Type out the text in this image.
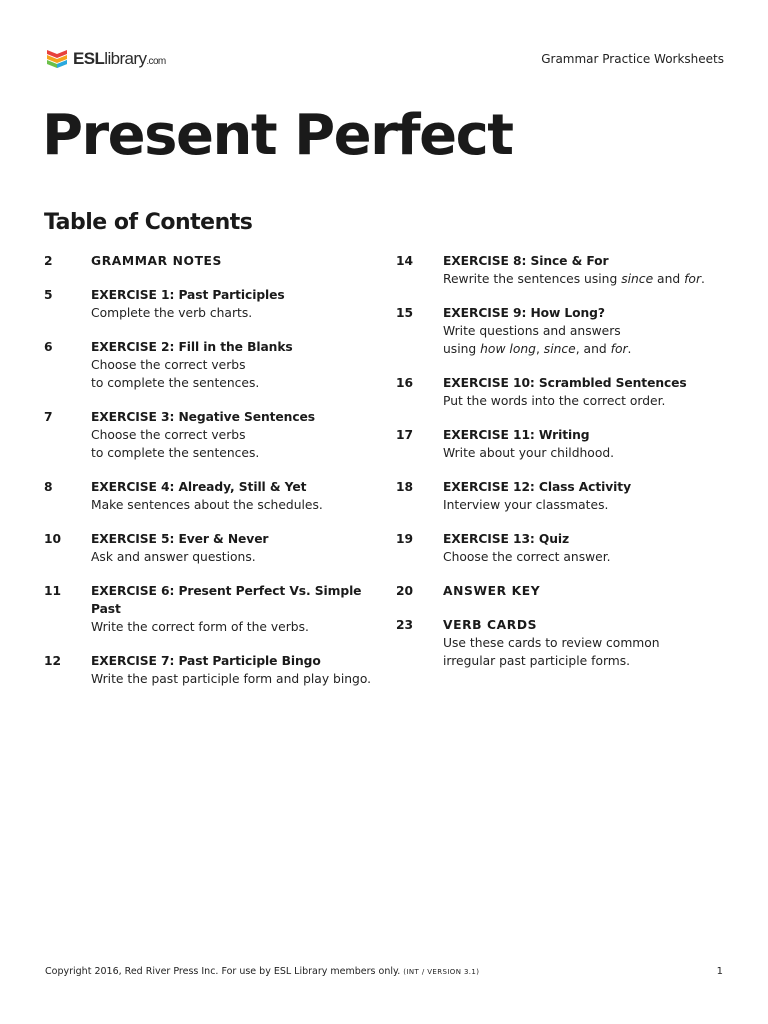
ESLlibrary.com	Grammar Practice Worksheets
Present Perfect
Table of Contents
2	GRAMMAR NOTES
5	EXERCISE 1: Past Participles
Complete the verb charts.
6	EXERCISE 2: Fill in the Blanks
Choose the correct verbs
to complete the sentences.
7	EXERCISE 3: Negative Sentences
Choose the correct verbs
to complete the sentences.
8	EXERCISE 4: Already, Still & Yet
Make sentences about the schedules.
10	EXERCISE 5: Ever & Never
Ask and answer questions.
11	EXERCISE 6: Present Perfect Vs. Simple Past
Write the correct form of the verbs.
12	EXERCISE 7: Past Participle Bingo
Write the past participle form and play bingo.
14	EXERCISE 8: Since & For
Rewrite the sentences using since and for.
15	EXERCISE 9: How Long?
Write questions and answers
using how long, since, and for.
16	EXERCISE 10: Scrambled Sentences
Put the words into the correct order.
17	EXERCISE 11: Writing
Write about your childhood.
18	EXERCISE 12: Class Activity
Interview your classmates.
19	EXERCISE 13: Quiz
Choose the correct answer.
20	ANSWER KEY
23	VERB CARDS
Use these cards to review common
irregular past participle forms.
Copyright 2016, Red River Press Inc. For use by ESL Library members only. (INT / VERSION 3.1)	1
